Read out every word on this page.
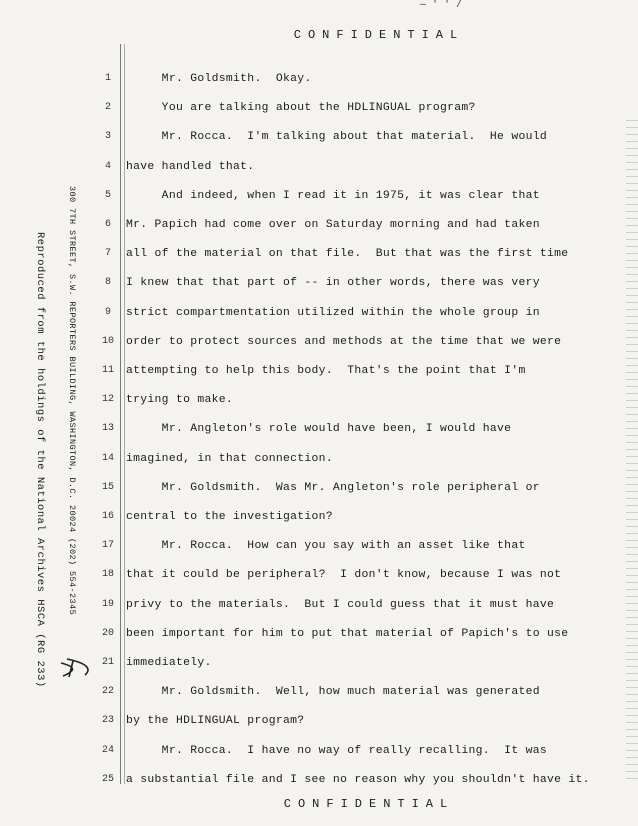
— ' ' /
CONFIDENTIAL
Reproduced from the holdings of the National Archives HSCA (RG 233) 300 7TH STREET, S.W. REPORTERS BUILDING, WASHINGTON, D.C. 20024 (202) 554-2345
1	Mr. Goldsmith.  Okay.
2	You are talking about the HDLINGUAL program?
3	Mr. Rocca.  I'm talking about that material.  He would
4	have handled that.
5	And indeed, when I read it in 1975, it was clear that
6	Mr. Papich had come over on Saturday morning and had taken
7	all of the material on that file.  But that was the first time
8	I knew that that part of -- in other words, there was very
9	strict compartmentation utilized within the whole group in
10 order to protect sources and methods at the time that we were
11 attempting to help this body.  That's the point that I'm
12 trying to make.
13 Mr. Angleton's role would have been, I would have
14 imagined, in that connection.
15 Mr. Goldsmith.  Was Mr. Angleton's role peripheral or
16 central to the investigation?
17 Mr. Rocca.  How can you say with an asset like that
18 that it could be peripheral?  I don't know, because I was not
19 privy to the materials.  But I could guess that it must have
20 been important for him to put that material of Papich's to use
21 immediately.
22 Mr. Goldsmith.  Well, how much material was generated
23 by the HDLINGUAL program?
24 Mr. Rocca.  I have no way of really recalling.  It was
25 a substantial file and I see no reason why you shouldn't have it.
CONFIDENTIAL
